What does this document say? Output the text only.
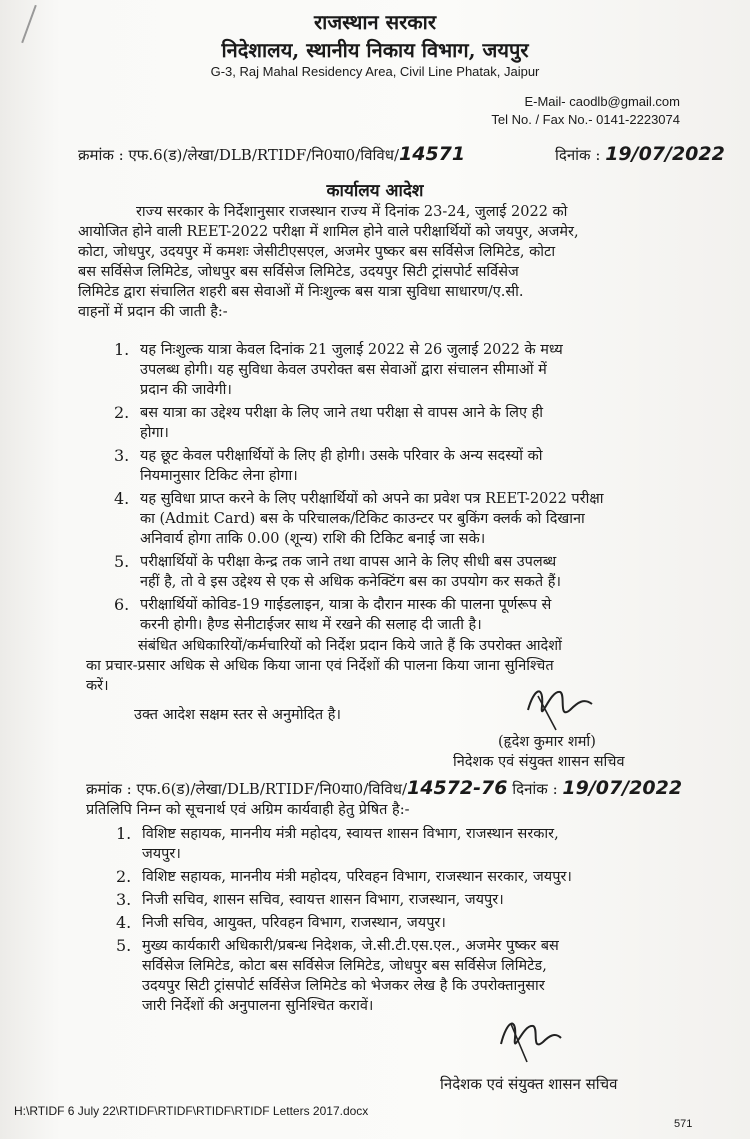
राजस्थान सरकार
निदेशालय, स्थानीय निकाय विभाग, जयपुर
G-3, Raj Mahal Residency Area, Civil Line Phatak, Jaipur
E-Mail- caodlb@gmail.com
Tel No. / Fax No.- 0141-2223074
क्रमांक : एफ.6(ड)/लेखा/DLB/RTIDF/नि0या0/विविध/14571	दिनांक : 19/07/2022
कार्यालय आदेश
राज्य सरकार के निर्देशानुसार राजस्थान राज्य में दिनांक 23-24, जुलाई 2022 को
आयोजित होने वाली REET-2022 परीक्षा में शामिल होने वाले परीक्षार्थियों को जयपुर, अजमेर,
कोटा, जोधपुर, उदयपुर में कमशः जेसीटीएसएल, अजमेर पुष्कर बस सर्विसेज लिमिटेड, कोटा
बस सर्विसेज लिमिटेड, जोधपुर बस सर्विसेज लिमिटेड, उदयपुर सिटी ट्रांसपोर्ट सर्विसेज
लिमिटेड द्वारा संचालित शहरी बस सेवाओं में निःशुल्क बस यात्रा सुविधा साधारण/ए.सी.
वाहनों में प्रदान की जाती है:-
1. यह निःशुल्क यात्रा केवल दिनांक 21 जुलाई 2022 से 26 जुलाई 2022 के मध्य
उपलब्ध होगी। यह सुविधा केवल उपरोक्त बस सेवाओं द्वारा संचालन सीमाओं में
प्रदान की जावेगी।
2. बस यात्रा का उद्देश्य परीक्षा के लिए जाने तथा परीक्षा से वापस आने के लिए ही
होगा।
3. यह छूट केवल परीक्षार्थियों के लिए ही होगी। उसके परिवार के अन्य सदस्यों को
नियमानुसार टिकिट लेना होगा।
4. यह सुविधा प्राप्त करने के लिए परीक्षार्थियों को अपने का प्रवेश पत्र REET-2022 परीक्षा
का (Admit Card) बस के परिचालक/टिकिट काउन्टर पर बुकिंग क्लर्क को दिखाना
अनिवार्य होगा ताकि 0.00 (शून्य) राशि की टिकिट बनाई जा सके।
5. परीक्षार्थियों के परीक्षा केन्द्र तक जाने तथा वापस आने के लिए सीधी बस उपलब्ध
नहीं है, तो वे इस उद्देश्य से एक से अधिक कनेक्टिंग बस का उपयोग कर सकते हैं।
6. परीक्षार्थियों कोविड-19 गाईडलाइन, यात्रा के दौरान मास्क की पालना पूर्णरूप से
करनी होगी। हैण्ड सेनीटाईजर साथ में रखने की सलाह दी जाती है।
संबंधित अधिकारियों/कर्मचारियों को निर्देश प्रदान किये जाते हैं कि उपरोक्त आदेशों
का प्रचार-प्रसार अधिक से अधिक किया जाना एवं निर्देशों की पालना किया जाना सुनिश्चित
करें।
उक्त आदेश सक्षम स्तर से अनुमोदित है।
(हृदेश कुमार शर्मा)
निदेशक एवं संयुक्त शासन सचिव
क्रमांक : एफ.6(ड)/लेखा/DLB/RTIDF/नि0या0/विविध/14572-76 दिनांक : 19/07/2022
प्रतिलिपि निम्न को सूचनार्थ एवं अग्रिम कार्यवाही हेतु प्रेषित है:-
1. विशिष्ट सहायक, माननीय मंत्री महोदय, स्वायत्त शासन विभाग, राजस्थान सरकार,
जयपुर।
2. विशिष्ट सहायक, माननीय मंत्री महोदय, परिवहन विभाग, राजस्थान सरकार, जयपुर।
3. निजी सचिव, शासन सचिव, स्वायत्त शासन विभाग, राजस्थान, जयपुर।
4. निजी सचिव, आयुक्त, परिवहन विभाग, राजस्थान, जयपुर।
5. मुख्य कार्यकारी अधिकारी/प्रबन्ध निदेशक, जे.सी.टी.एस.एल., अजमेर पुष्कर बस
सर्विसेज लिमिटेड, कोटा बस सर्विसेज लिमिटेड, जोधपुर बस सर्विसेज लिमिटेड,
उदयपुर सिटी ट्रांसपोर्ट सर्विसेज लिमिटेड को भेजकर लेख है कि उपरोक्तानुसार
जारी निर्देशों की अनुपालना सुनिश्चित करावें।
निदेशक एवं संयुक्त शासन सचिव
H:\RTIDF 6 July 22\RTIDF\RTIDF\RTIDF\RTIDF Letters 2017.docx
571
